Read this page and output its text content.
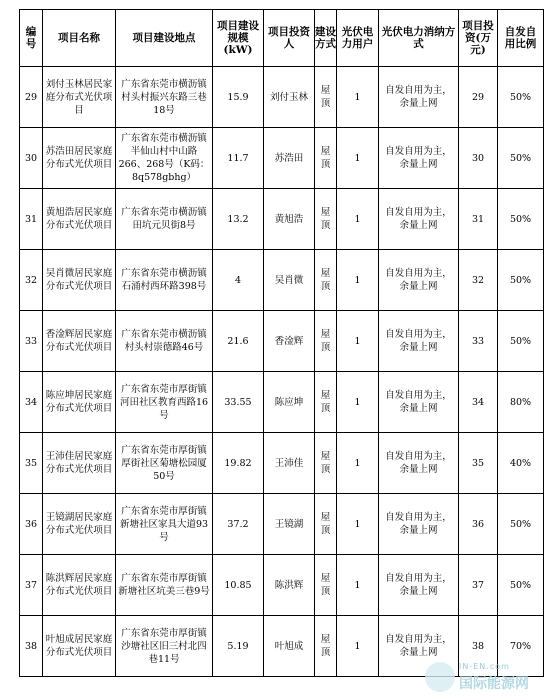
编号	项目名称	项目建设地点	项目建设规模(kW)	项目投资人	建设方式	光伏电力用户	光伏电力消纳方式	项目投资(万元)	自发自用比例
29	刘付玉林居民家庭分布式光伏项目	广东省东莞市横沥镇村头村振兴东路三巷18号	15.9	刘付玉林	屋顶	1	自发自用为主，余量上网	29	50%
30	苏浩田居民家庭分布式光伏项目	广东省东莞市横沥镇半仙山村中山路266、268号（K码：8q578gbhg）	11.7	苏浩田	屋顶	1	自发自用为主，余量上网	30	50%
31	黄旭浩居民家庭分布式光伏项目	广东省东莞市横沥镇田坑元贝街8号	13.2	黄旭浩	屋顶	1	自发自用为主，余量上网	31	50%
32	吴肖微居民家庭分布式光伏项目	广东省东莞市横沥镇石涌村西环路398号	4	吴肖微	屋顶	1	自发自用为主，余量上网	32	50%
33	香淦辉居民家庭分布式光伏项目	广东省东莞市横沥镇村头村崇德路46号	21.6	香淦辉	屋顶	1	自发自用为主，余量上网	33	50%
34	陈应坤居民家庭分布式光伏项目	广东省东莞市厚街镇河田社区教育西路16号	33.55	陈应坤	屋顶	1	自发自用为主，余量上网	34	80%
35	王沛佳居民家庭分布式光伏项目	广东省东莞市厚街镇厚街社区菊塘松园厦50号	19.82	王沛佳	屋顶	1	自发自用为主，余量上网	35	40%
36	王镜湖居民家庭分布式光伏项目	广东省东莞市厚街镇新塘社区家具大道93号	37.2	王镜湖	屋顶	1	自发自用为主，余量上网	36	50%
37	陈洪辉居民家庭分布式光伏项目	广东省东莞市厚街镇新塘社区坑美三巷9号	10.85	陈洪辉	屋顶	1	自发自用为主，余量上网	37	50%
38	叶旭成居民家庭分布式光伏项目	广东省东莞市厚街镇沙塘社区旧三村北四巷11号	5.19	叶旭成	屋顶	1	自发自用为主，余量上网	38	70%
IN-EN.com
国际能源网
